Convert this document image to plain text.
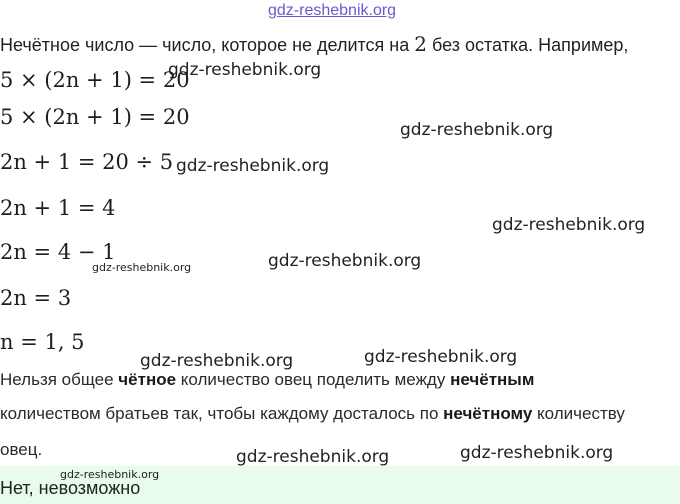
gdz-reshebnik.org
Нечётное число — число, которое не делится на 2 без остатка. Например,
5 × (2n + 1) = 20
5 × (2n + 1) = 20
2n + 1 = 20 ÷ 5
2n + 1 = 4
2n = 4 − 1
2n = 3
n = 1, 5
Нельзя общее чётное количество овец поделить между нечётным
количеством братьев так, чтобы каждому досталось по нечётному количеству
овец.
Нет, невозможно
gdz-reshebnik.org
gdz-reshebnik.org
gdz-reshebnik.org
gdz-reshebnik.org
gdz-reshebnik.org
gdz-reshebnik.org
gdz-reshebnik.org	gdz-reshebnik.org
gdz-reshebnik.org
gdz-reshebnik.org
gdz-reshebnik.org
